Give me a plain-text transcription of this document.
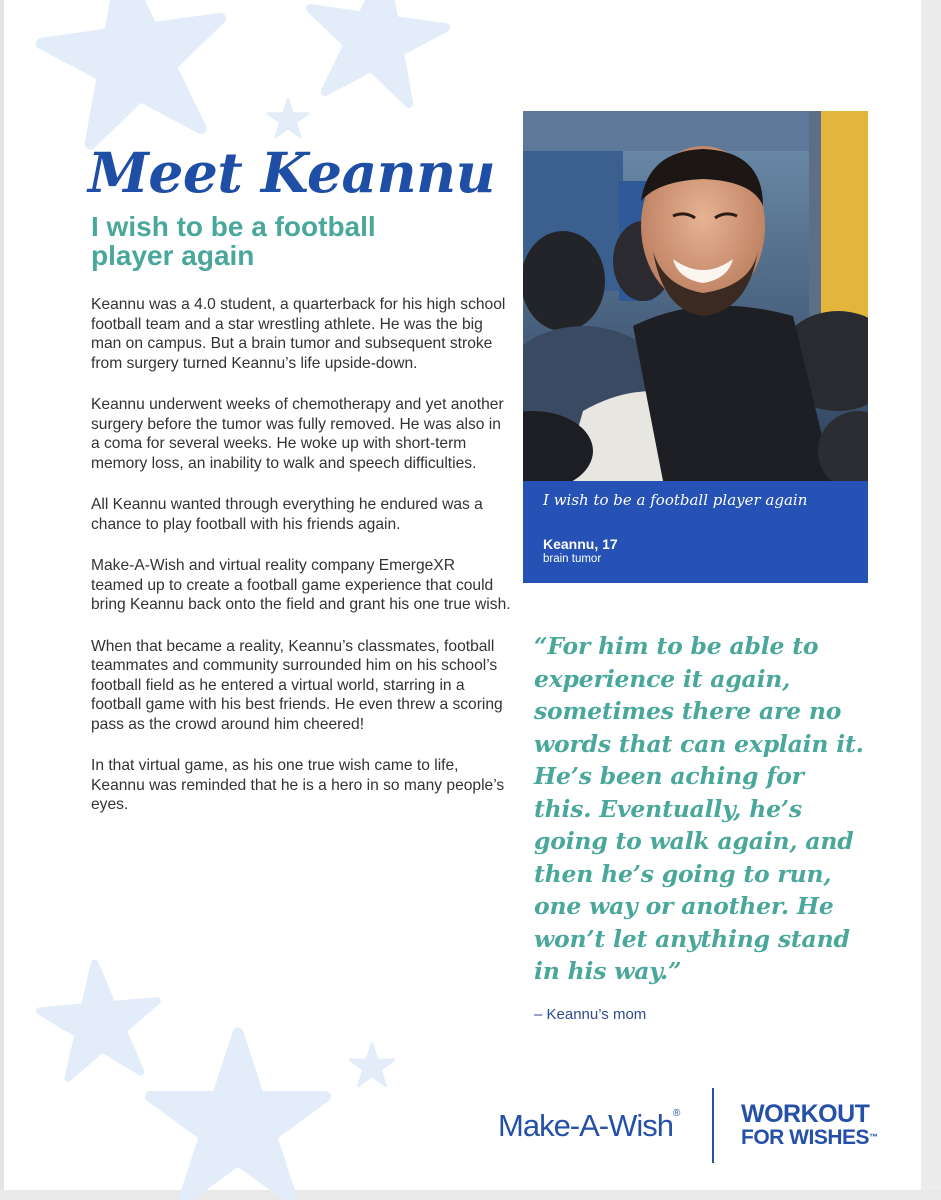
Meet Keannu
I wish to be a football player again

Keannu was a 4.0 student, a quarterback for his high school football team and a star wrestling athlete. He was the big man on campus. But a brain tumor and subsequent stroke from surgery turned Keannu’s life upside-down.

Keannu underwent weeks of chemotherapy and yet another surgery before the tumor was fully removed. He was also in a coma for several weeks. He woke up with short-term memory loss, an inability to walk and speech difficulties.

All Keannu wanted through everything he endured was a chance to play football with his friends again.

Make-A-Wish and virtual reality company EmergeXR teamed up to create a football game experience that could bring Keannu back onto the field and grant his one true wish.

When that became a reality, Keannu’s classmates, football teammates and community surrounded him on his school’s football field as he entered a virtual world, starring in a football game with his best friends. He even threw a scoring pass as the crowd around him cheered!

In that virtual game, as his one true wish came to life, Keannu was reminded that he is a hero in so many people’s eyes.

I wish to be a football player again

Keannu, 17

brain tumor

“For him to be able to experience it again, sometimes there are no words that can explain it. He’s been aching for this. Eventually, he’s going to walk again, and then he’s going to run, one way or another. He won’t let anything stand in his way.”

– Keannu’s mom

Make-A-Wish® WORKOUT
FOR WISHES™
